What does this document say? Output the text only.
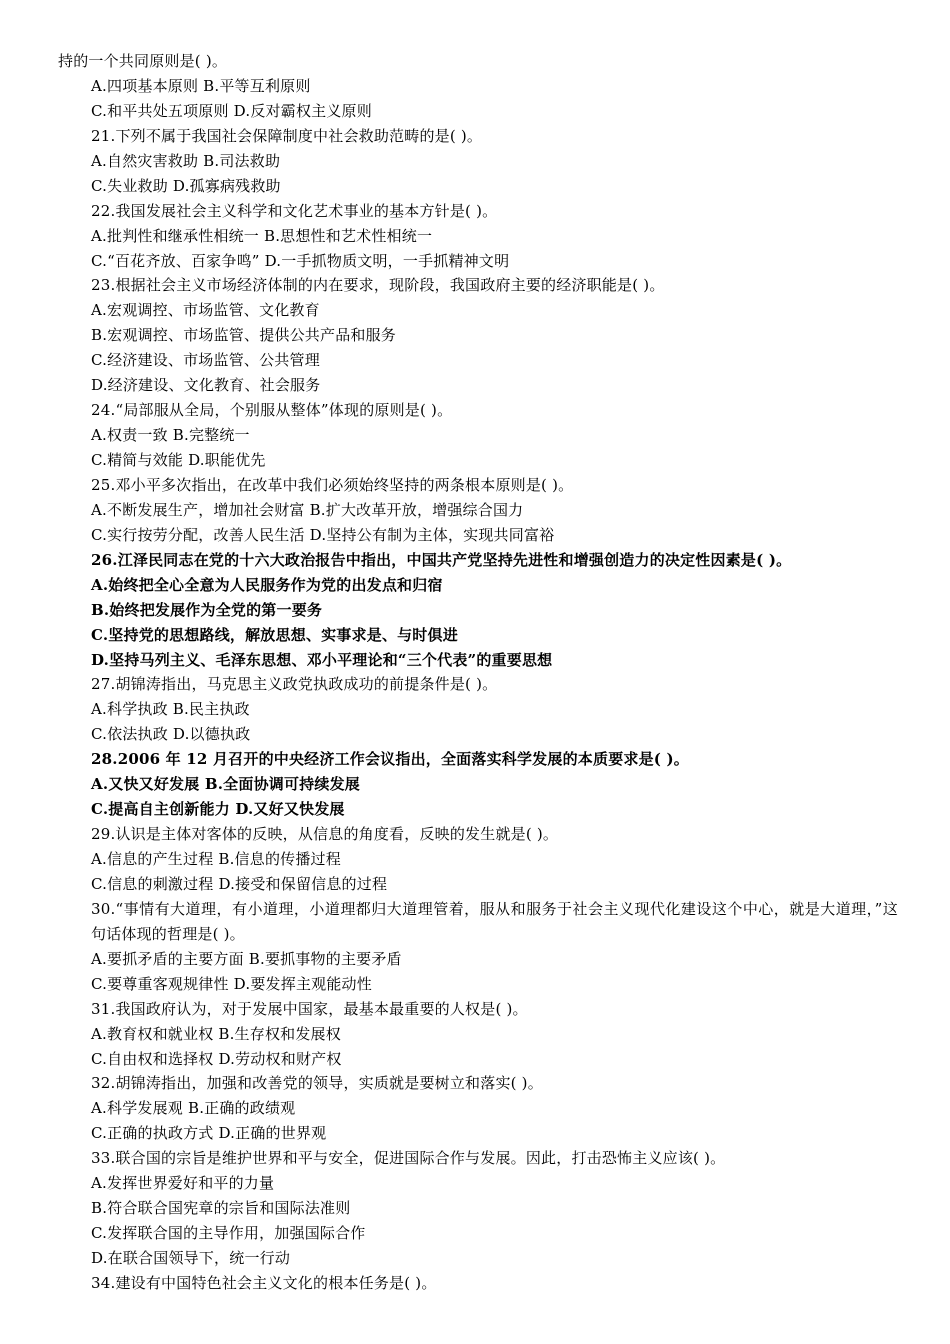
持的一个共同原则是( )。
A.四项基本原则 B.平等互利原则
C.和平共处五项原则 D.反对霸权主义原则
21.下列不属于我国社会保障制度中社会救助范畴的是( )。
A.自然灾害救助 B.司法救助
C.失业救助 D.孤寡病残救助
22.我国发展社会主义科学和文化艺术事业的基本方针是( )。
A.批判性和继承性相统一 B.思想性和艺术性相统一
C.“百花齐放、百家争鸣” D.一手抓物质文明，一手抓精神文明
23.根据社会主义市场经济体制的内在要求，现阶段，我国政府主要的经济职能是( )。
A.宏观调控、市场监管、文化教育
B.宏观调控、市场监管、提供公共产品和服务
C.经济建设、市场监管、公共管理
D.经济建设、文化教育、社会服务
24.“局部服从全局，个别服从整体”体现的原则是( )。
A.权责一致 B.完整统一
C.精简与效能 D.职能优先
25.邓小平多次指出，在改革中我们必须始终坚持的两条根本原则是( )。
A.不断发展生产，增加社会财富 B.扩大改革开放，增强综合国力
C.实行按劳分配，改善人民生活 D.坚持公有制为主体，实现共同富裕
26.江泽民同志在党的十六大政治报告中指出，中国共产党坚持先进性和增强创造力的决定性因素是( )。
A.始终把全心全意为人民服务作为党的出发点和归宿
B.始终把发展作为全党的第一要务
C.坚持党的思想路线，解放思想、实事求是、与时俱进
D.坚持马列主义、毛泽东思想、邓小平理论和“三个代表”的重要思想
27.胡锦涛指出，马克思主义政党执政成功的前提条件是( )。
A.科学执政 B.民主执政
C.依法执政 D.以德执政
28.2006 年 12 月召开的中央经济工作会议指出，全面落实科学发展的本质要求是( )。
A.又快又好发展 B.全面协调可持续发展
C.提高自主创新能力 D.又好又快发展
29.认识是主体对客体的反映，从信息的角度看，反映的发生就是( )。
A.信息的产生过程 B.信息的传播过程
C.信息的刺激过程 D.接受和保留信息的过程
30.“事情有大道理，有小道理，小道理都归大道理管着，服从和服务于社会主义现代化建设这个中心，就是大道理，”这句话体现的哲理是( )。
A.要抓矛盾的主要方面 B.要抓事物的主要矛盾
C.要尊重客观规律性 D.要发挥主观能动性
31.我国政府认为，对于发展中国家，最基本最重要的人权是( )。
A.教育权和就业权 B.生存权和发展权
C.自由权和选择权 D.劳动权和财产权
32.胡锦涛指出，加强和改善党的领导，实质就是要树立和落实( )。
A.科学发展观 B.正确的政绩观
C.正确的执政方式 D.正确的世界观
33.联合国的宗旨是维护世界和平与安全，促进国际合作与发展。因此，打击恐怖主义应该( )。
A.发挥世界爱好和平的力量
B.符合联合国宪章的宗旨和国际法准则
C.发挥联合国的主导作用，加强国际合作
D.在联合国领导下，统一行动
34.建设有中国特色社会主义文化的根本任务是( )。
